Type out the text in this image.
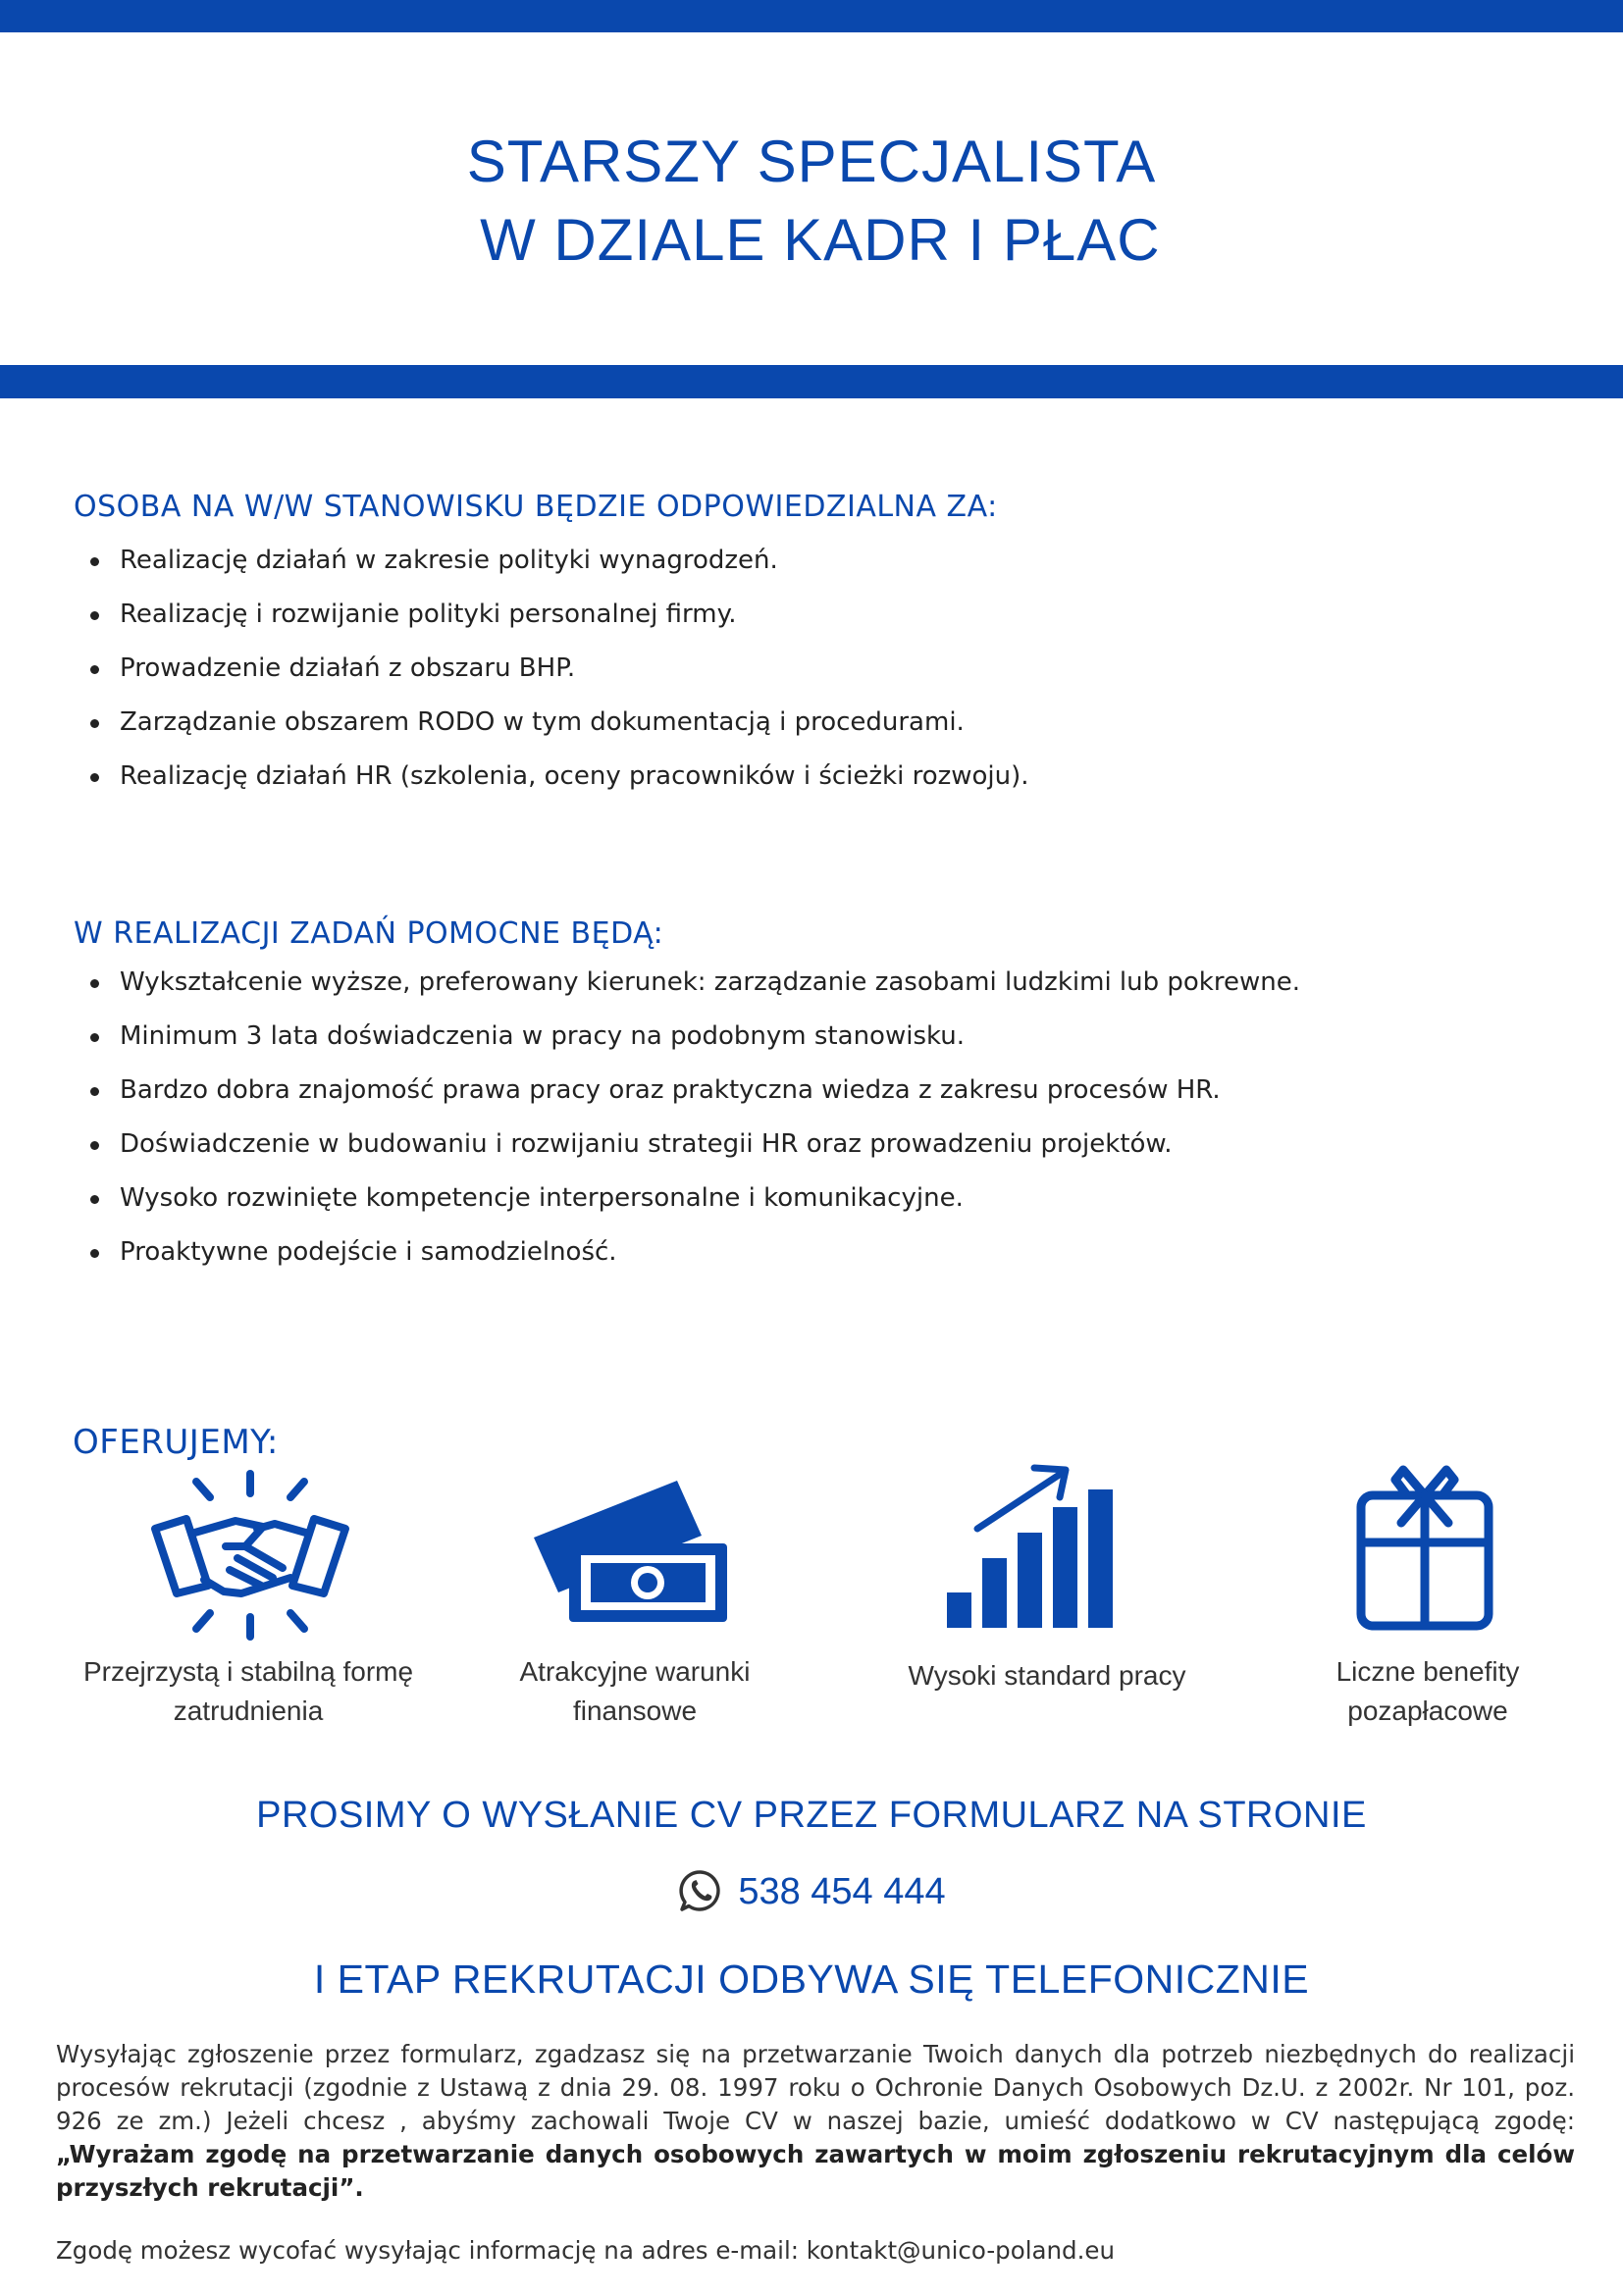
STARSZY SPECJALISTA
W DZIALE KADR I PŁAC
OSOBA NA W/W STANOWISKU BĘDZIE ODPOWIEDZIALNA ZA:
Realizację działań w zakresie polityki wynagrodzeń.
Realizację i rozwijanie polityki personalnej firmy.
Prowadzenie działań z obszaru BHP.
Zarządzanie obszarem RODO w tym dokumentacją i procedurami.
Realizację działań HR (szkolenia, oceny pracowników i ścieżki rozwoju).
W REALIZACJI ZADAŃ POMOCNE BĘDĄ:
Wykształcenie wyższe, preferowany kierunek: zarządzanie zasobami ludzkimi lub pokrewne.
Minimum 3 lata doświadczenia w pracy na podobnym stanowisku.
Bardzo dobra znajomość prawa pracy oraz praktyczna wiedza z zakresu procesów HR.
Doświadczenie w budowaniu i rozwijaniu strategii HR oraz prowadzeniu projektów.
Wysoko rozwinięte kompetencje interpersonalne i komunikacyjne.
Proaktywne podejście i samodzielność.
OFERUJEMY:
Przejrzystą i stabilną formę
zatrudnienia
Atrakcyjne warunki
finansowe
Wysoki standard pracy	Liczne benefity
pozapłacowe
PROSIMY O WYSŁANIE CV PRZEZ FORMULARZ NA STRONIE
538 454 444
I ETAP REKRUTACJI ODBYWA SIĘ TELEFONICZNIE
Wysyłając zgłoszenie przez formularz, zgadzasz się na przetwarzanie Twoich danych dla potrzeb niezbędnych do realizacji procesów rekrutacji (zgodnie z Ustawą z dnia 29. 08. 1997 roku o Ochronie Danych Osobowych Dz.U. z 2002r. Nr 101, poz. 926 ze zm.) Jeżeli chcesz , abyśmy zachowali Twoje CV w naszej bazie, umieść dodatkowo w CV następującą zgodę: „Wyrażam zgodę na przetwarzanie danych osobowych zawartych w moim zgłoszeniu rekrutacyjnym dla celów przyszłych rekrutacji”.
Zgodę możesz wycofać wysyłając informację na adres e-mail: kontakt@unico-poland.eu
